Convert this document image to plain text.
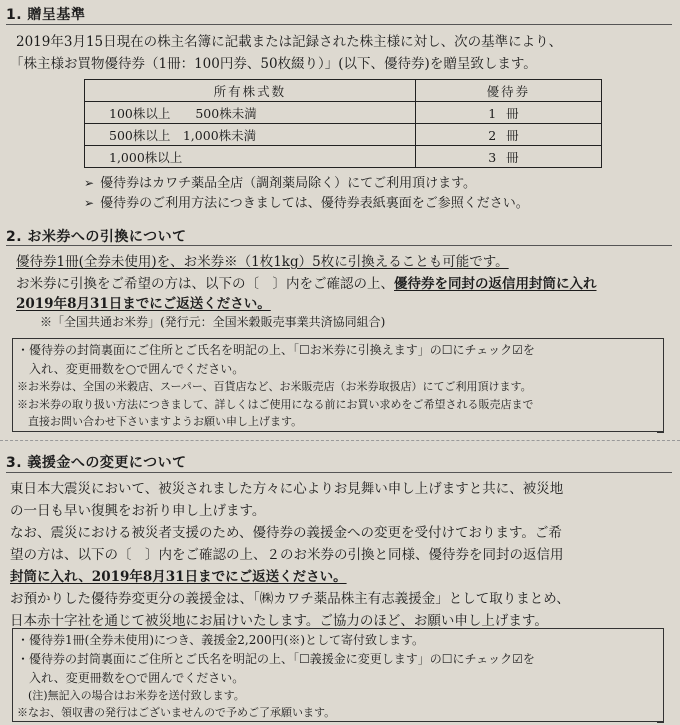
1. 贈呈基準
2019年3月15日現在の株主名簿に記載または記録された株主様に対し、次の基準により、
「株主様お買物優待券（1冊：100円券、50枚綴り）」(以下、優待券)を贈呈致します。
所有株式数	優待券
100株以上　　500株未満	1冊
500株以上　1,000株未満	2冊
1,000株以上	3冊
➢ 優待券はカワチ薬品全店（調剤薬局除く）にてご利用頂けます。
➢ 優待券のご利用方法につきましては、優待券表紙裏面をご参照ください。
2. お米券への引換について
優待券1冊(全券未使用)を、お米券※（1枚1kg）5枚に引換えることも可能です。
お米券に引換をご希望の方は、以下の〔　〕内をご確認の上、優待券を同封の返信用封筒に入れ
2019年8月31日までにご返送ください。
※「全国共通お米券」(発行元：全国米穀販売事業共済協同組合)
・優待券の封筒裏面にご住所とご氏名を明記の上、「☐お米券に引換えます」の☐にチェック☑を
　入れ、変更冊数を○で囲んでください。
※お米券は、全国の米穀店、スーパー、百貨店など、お米販売店（お米券取扱店）にてご利用頂けます。
※お米券の取り扱い方法につきまして、詳しくはご使用になる前にお買い求めをご希望される販売店まで
　直接お問い合わせ下さいますようお願い申し上げます。
3. 義援金への変更について
東日本大震災において、被災されました方々に心よりお見舞い申し上げますと共に、被災地
の一日も早い復興をお祈り申し上げます。
なお、震災における被災者支援のため、優待券の義援金への変更を受付けております。ご希
望の方は、以下の〔　〕内をご確認の上、２のお米券の引換と同様、優待券を同封の返信用
封筒に入れ、2019年8月31日までにご返送ください。
お預かりした優待券変更分の義援金は、「㈱カワチ薬品株主有志義援金」として取りまとめ、
日本赤十字社を通じて被災地にお届けいたします。ご協力のほど、お願い申し上げます。
・優待券1冊(全券未使用)につき、義援金2,200円(※)として寄付致します。
・優待券の封筒裏面にご住所とご氏名を明記の上、「☐義援金に変更します」の☐にチェック☑を
　入れ、変更冊数を○で囲んでください。
　(注)無記入の場合はお米券を送付致します。
※なお、領収書の発行はございませんので予めご了承願います。
